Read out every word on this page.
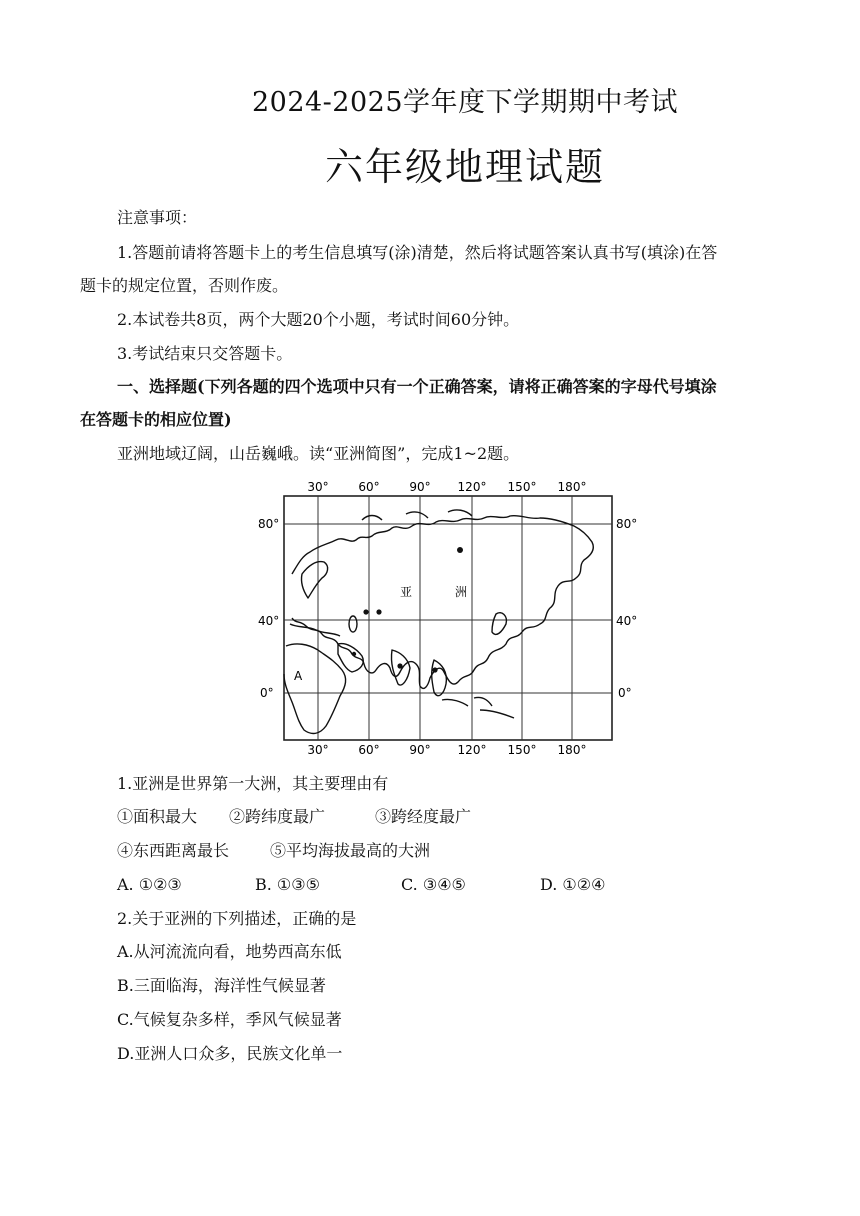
2024-2025学年度下学期期中考试
六年级地理试题
注意事项：
1.答题前请将答题卡上的考生信息填写(涂)清楚，然后将试题答案认真书写(填涂)在答
题卡的规定位置，否则作废。
2.本试卷共8页，两个大题20个小题，考试时间60分钟。
3.考试结束只交答题卡。
一、选择题(下列各题的四个选项中只有一个正确答案，请将正确答案的字母代号填涂
在答题卡的相应位置)
亚洲地域辽阔，山岳巍峨。读“亚洲简图”，完成1~2题。
30° 60° 90° 120° 150° 180°
30° 60° 90° 120° 150° 180°
80°
40°
0°
80°
40°
0°
亚	洲
A
1.亚洲是世界第一大洲，其主要理由有
①面积最大 ②跨纬度最广	③跨经度最广
④东西距离最长	⑤平均海拔最高的大洲
A. ①②③	B. ①③⑤	C. ③④⑤	D. ①②④
2.关于亚洲的下列描述，正确的是
A.从河流流向看，地势西高东低
B.三面临海，海洋性气候显著
C.气候复杂多样，季风气候显著
D.亚洲人口众多，民族文化单一
